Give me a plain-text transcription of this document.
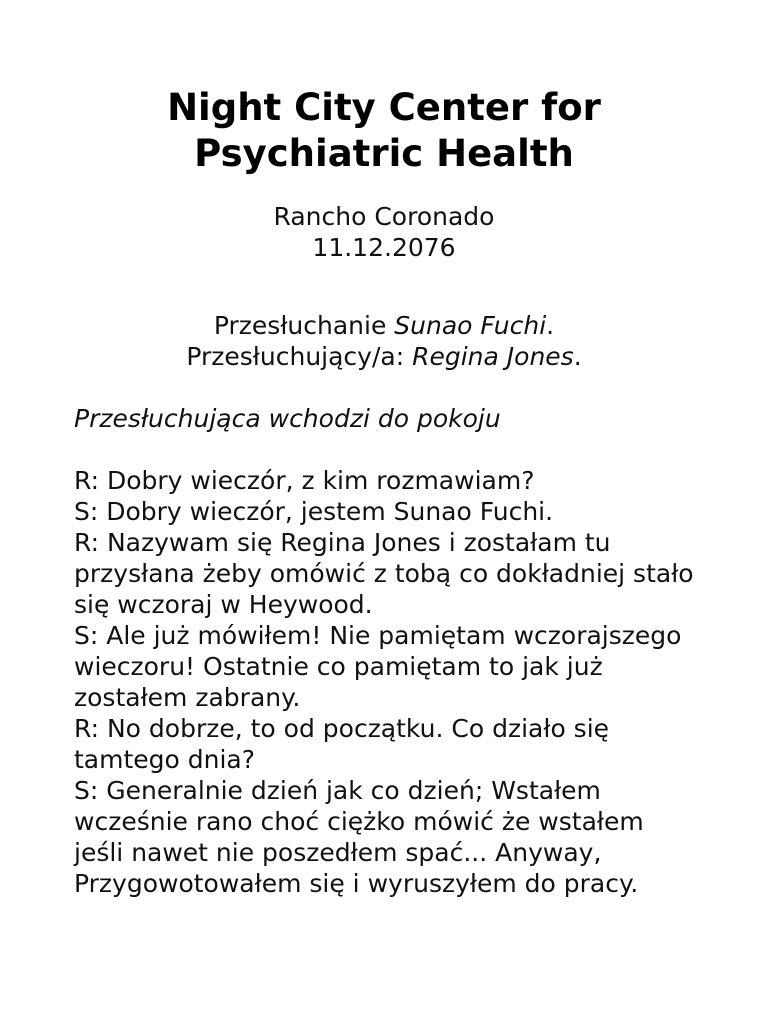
Night City Center for
Psychiatric Health
Rancho Coronado
11.12.2076
Przesłuchanie Sunao Fuchi.
Przesłuchujący/a: Regina Jones.
Przesłuchująca wchodzi do pokoju

R: Dobry wieczór, z kim rozmawiam?

S: Dobry wieczór, jestem Sunao Fuchi.

R: Nazywam się Regina Jones i zostałam tu przysłana żeby omówić z tobą co dokładniej stało się wczoraj w Heywood.

S: Ale już mówiłem! Nie pamiętam wczorajszego wieczoru! Ostatnie co pamiętam to jak już zostałem zabrany.

R: No dobrze, to od początku. Co działo się tamtego dnia?

S: Generalnie dzień jak co dzień; Wstałem wcześnie rano choć ciężko mówić że wstałem jeśli nawet nie poszedłem spać... Anyway, Przygowotowałem się i wyruszyłem do pracy.
